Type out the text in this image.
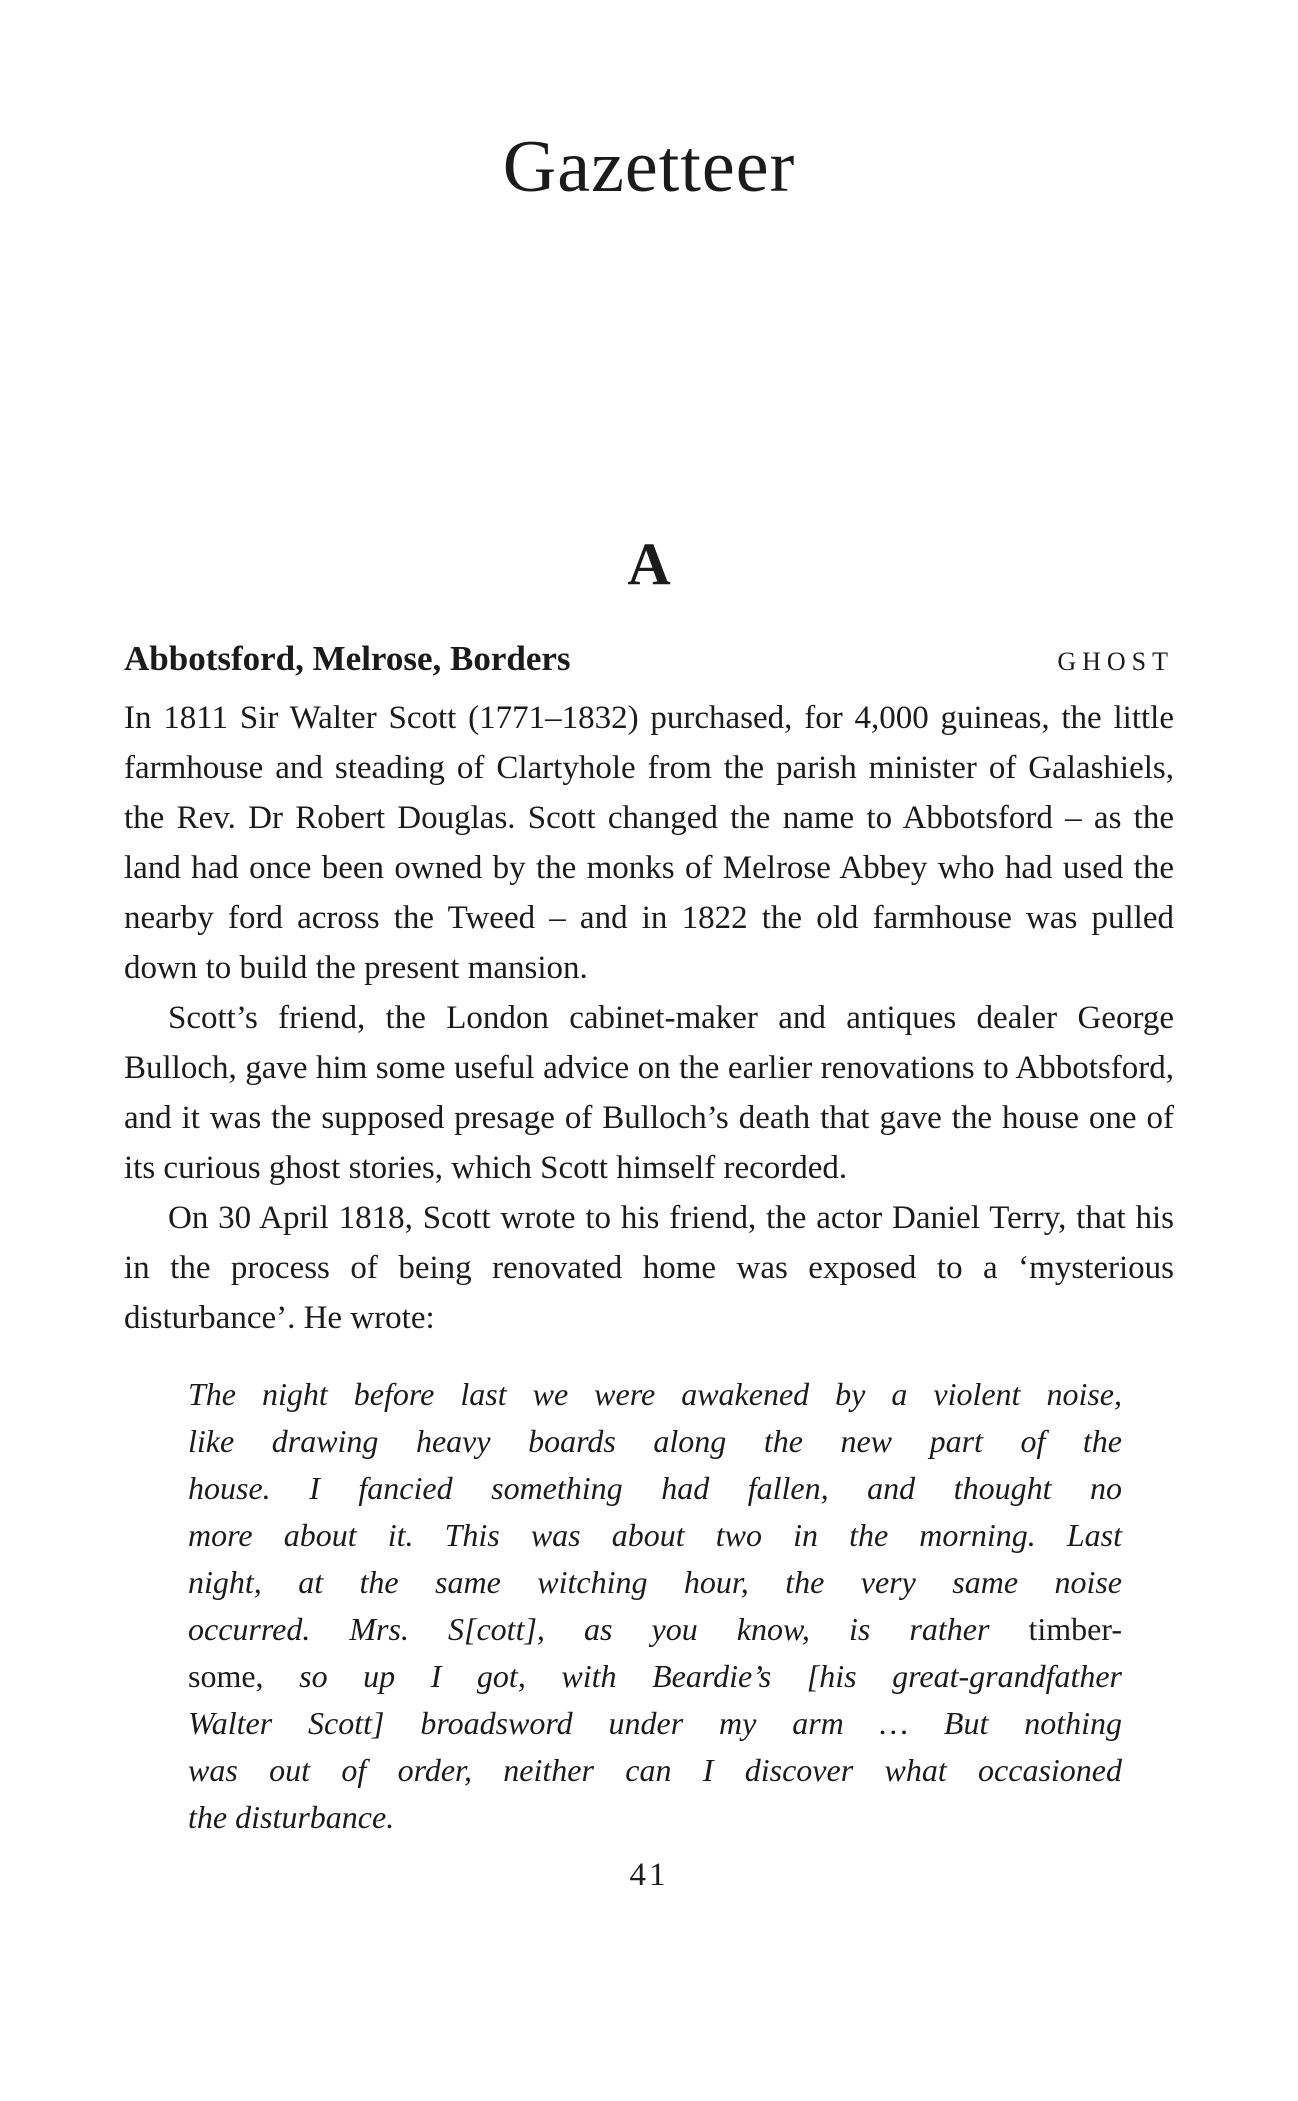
Gazetteer
A
Abbotsford, Melrose, Borders	GHOST

In 1811 Sir Walter Scott (1771–1832) purchased, for 4,000 guineas, the little farmhouse and steading of Clartyhole from the parish minister of Galashiels, the Rev. Dr Robert Douglas. Scott changed the name to Abbotsford – as the land had once been owned by the monks of Melrose Abbey who had used the nearby ford across the Tweed – and in 1822 the old farmhouse was pulled down to build the present mansion.

Scott’s friend, the London cabinet-maker and antiques dealer George Bulloch, gave him some useful advice on the earlier renovations to Abbotsford, and it was the supposed presage of Bulloch’s death that gave the house one of its curious ghost stories, which Scott himself recorded.

On 30 April 1818, Scott wrote to his friend, the actor Daniel Terry, that his in the process of being renovated home was exposed to a ‘mysterious disturbance’. He wrote:

The night before last we were awakened by a violent noise,
like drawing heavy boards along the new part of the
house. I fancied something had fallen, and thought no
more about it. This was about two in the morning. Last
night, at the same witching hour, the very same noise
occurred. Mrs. S[cott], as you know, is rather timber-
some, so up I got, with Beardie’s [his great-grandfather
Walter Scott] broadsword under my arm … But nothing
was out of order, neither can I discover what occasioned
the disturbance.
41
